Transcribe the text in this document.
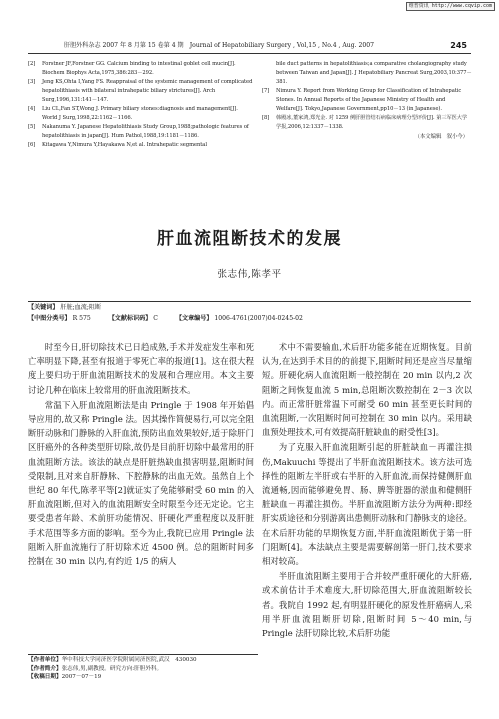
维普资讯 http://www.cqvip.com
肝胆外科杂志 2007 年 8 月第 15 卷第 4 期　Journal of Hepatobiliary Surgery , Vol,15 , No.4 , Aug. 2007	245
[2]	Forstner JF,Forstner GG. Calcium binding to intestinal goblet cell mucin[J]. Biochem Biophys Acta,1975,386:283－292.
[3]	Jeng KS,Ohta I,Yang FS. Reappraisal of the systemic management of complicated hepatolithiasis with bilateral intrahepatic biliary strictures[J]. Arch Surg,1996,131:141－147.
[4]	Liu CL,Fan ST,Wong J. Primary biliary stones:diagnosis and management[J]. World J Surg,1998,22:1162－1166.
[5]	Nakanuma Y. Japanese Hepatolithiasis Study Group,1988;pathologic features of hepatolithiasis in japan[J]. Hum Pathol,1988,19:1181－1186.
[6]	Kitagawa Y,Nimura Y,Hayakawa N,et al. Intrahepatic segmental
bile duct patterns in hepatolithiasis;a comparative cholangiography study between Taiwan and Japan[J]. J Hepatobiliary Pancreat Surg,2003,10:377－381.
[7]	Nimura Y. Report from Working Group for Classification of Intrahepatic Stones. In Annual Reports of the Japanese Ministry of Health and Welfare[J]. Tokyo,Japanese Government,pp10－13 (in Japanese).
[8]	韩殿冰,董家鸿,郑光金. 对 1259 例肝胆管结石病临床病理分型评价[J]. 第三军医大学学报,2006,12:1337－1338.
（本文编辑　叙小今）
肝血流阻断技术的发展
张志伟,陈孝平
【关键词】 肝脏;血流;阻断
【中图分类号】 R 575	【文献标识码】 C	【文章编号】 1006-4761(2007)04-0245-02

时至今日,肝切除技术已日趋成熟,手术并发症发生率和死亡率明显下降,甚至有报道于零死亡率的报道[1]。这在很大程度上要归功于肝血流阻断技术的发展和合理应用。本文主要讨论几种在临床上较常用的肝血流阻断技术。

常温下入肝血流阻断法是由 Pringle 于 1908 年开始倡导应用的,故又称 Pringle 法。因其操作简便易行,可以完全阻断肝动脉和门静脉的入肝血流,预防出血效果较好,适于除肝门区肝癌外的各种类型肝切除,故仍是目前肝切除中最常用的肝血流阻断方法。该法的缺点是肝脏热缺血损害明显,阻断时间受限制,且对来自肝静脉、下腔静脉的出血无效。虽然自上个世纪 80 年代,陈孝平等[2]就证实了免能够耐受 60 min 的入肝血流阻断,但对入的血流阻断安全时限至今还无定论。它主要受患者年龄、术前肝功能情况、肝硬化严重程度以及肝脏手术范围等多方面的影响。至今为止,我院已应用 Pringle 法阻断入肝血流施行了肝切除术近 4500 例。总的阻断时间多控制在 30 min 以内,有约近 1/5 的病人

术中不需要输血,术后肝功能多能在近期恢复。目前认为,在达到手术目的的前提下,阻断时间还是应当尽量缩短。肝硬化病人血流阻断一般控制在 20 min 以内,2 次阻断之间恢复血流 5 min,总阻断次数控制在 2－3 次以内。而正常肝脏常温下可耐受 60 min 甚至更长时间的血流阻断,一次阻断时间可控制在 30 min 以内。采用缺血预处理技术,可有效提高肝脏缺血的耐受性[3]。

为了克服入肝血流阻断引起的肝脏缺血－再灌注损伤,Makuuchi 等提出了半肝血流阻断技术。该方法可选择性的阻断左半肝或右半肝的入肝血流,而保持健侧肝血流通畅,因而能够避免胃、肠、脾等脏器的淤血和健侧肝脏缺血－再灌注损伤。半肝血流阻断方法分为两种:即经肝实质途径和分别游离出患侧肝动脉和门静脉支的途径。在术后肝功能的早期恢复方面,半肝血流阻断优于第一肝门阻断[4]。本法缺点主要是需要解剖第一肝门,技术要求相对较高。

半肝血流阻断主要用于合并较严重肝硬化的大肝癌,或术前估计手术难度大,肝切除范围大,肝血流阻断较长者。我院自 1992 起,有明显肝硬化的原发性肝癌病人,采用半肝血流阻断肝切除,阻断时间 5～40 min,与 Pringle 法肝切除比较,术后肝功能

【作者单位】华中科技大学同济医学院附属同济医院,武汉　430030
【作者简介】张志伟,男,副教授。研究方向:肝胆外科。
【收稿日期】2007－07－19
